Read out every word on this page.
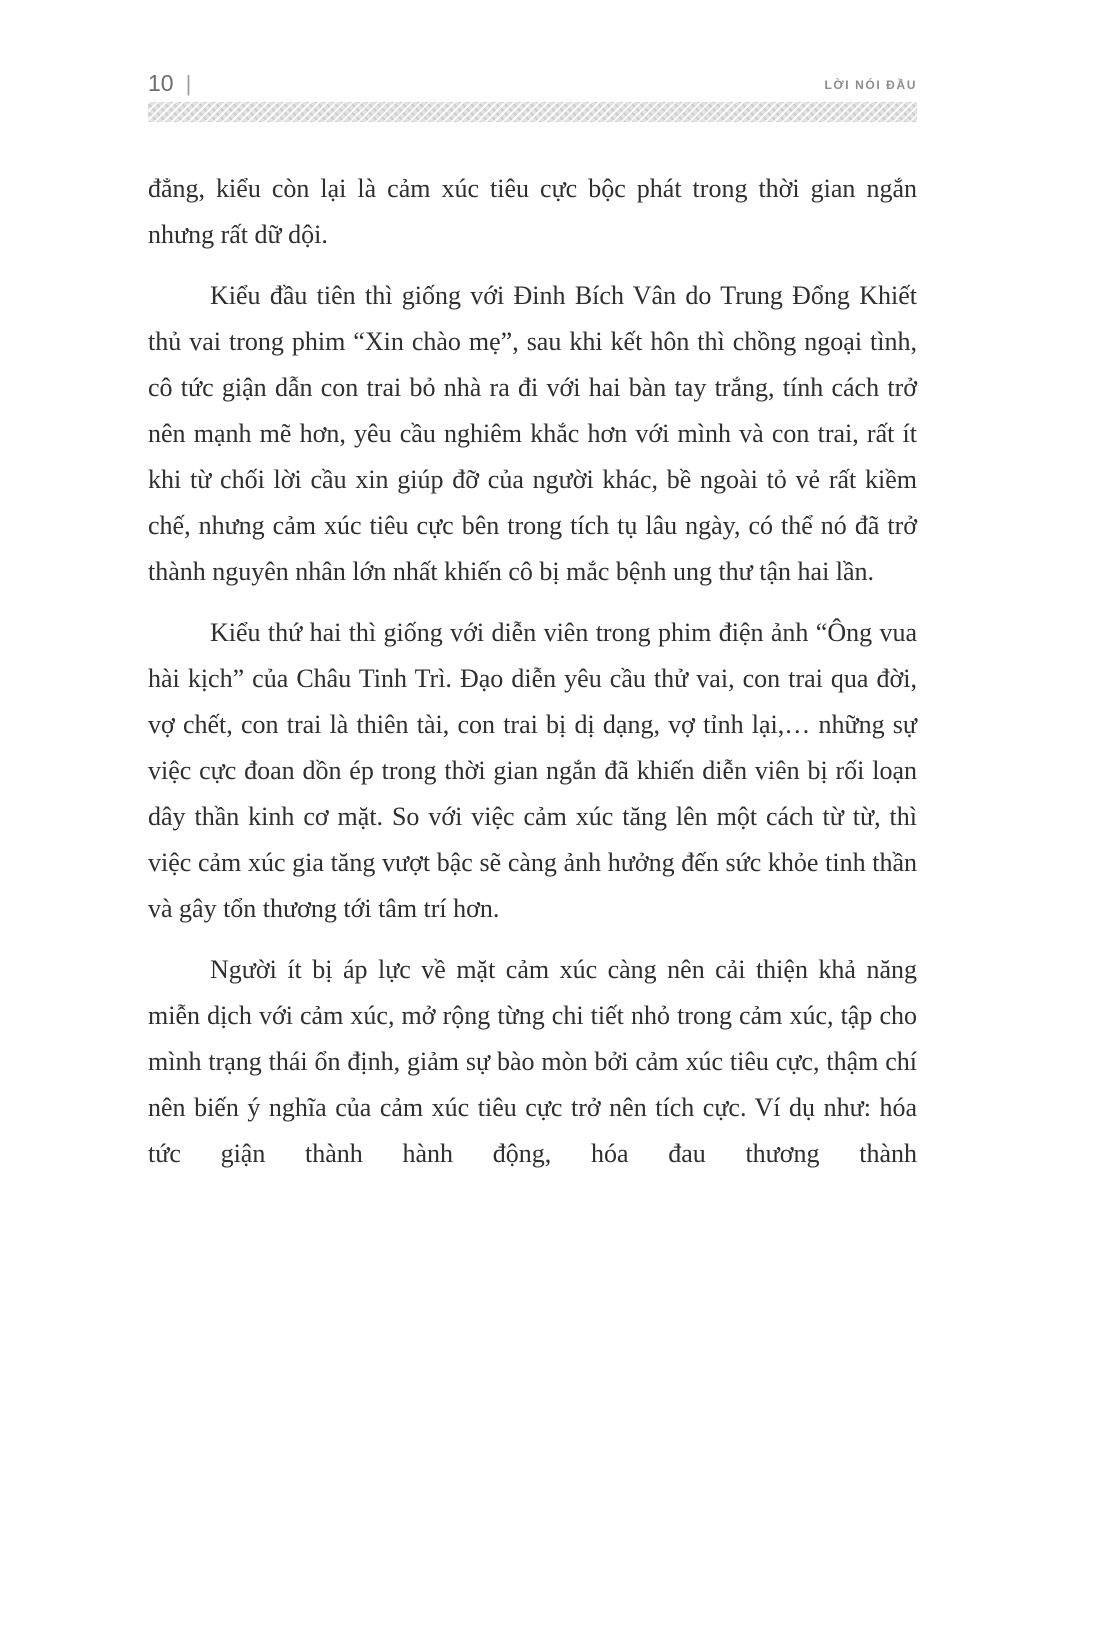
10 |	LỜI NÓI ĐẦU

đẳng, kiểu còn lại là cảm xúc tiêu cực bộc phát trong thời gian ngắn nhưng rất dữ dội.

Kiểu đầu tiên thì giống với Đinh Bích Vân do Trung Đổng Khiết thủ vai trong phim “Xin chào mẹ”, sau khi kết hôn thì chồng ngoại tình, cô tức giận dẫn con trai bỏ nhà ra đi với hai bàn tay trắng, tính cách trở nên mạnh mẽ hơn, yêu cầu nghiêm khắc hơn với mình và con trai, rất ít khi từ chối lời cầu xin giúp đỡ của người khác, bề ngoài tỏ vẻ rất kiềm chế, nhưng cảm xúc tiêu cực bên trong tích tụ lâu ngày, có thể nó đã trở thành nguyên nhân lớn nhất khiến cô bị mắc bệnh ung thư tận hai lần.

Kiểu thứ hai thì giống với diễn viên trong phim điện ảnh “Ông vua hài kịch” của Châu Tinh Trì. Đạo diễn yêu cầu thử vai, con trai qua đời, vợ chết, con trai là thiên tài, con trai bị dị dạng, vợ tỉnh lại,… những sự việc cực đoan dồn ép trong thời gian ngắn đã khiến diễn viên bị rối loạn dây thần kinh cơ mặt. So với việc cảm xúc tăng lên một cách từ từ, thì việc cảm xúc gia tăng vượt bậc sẽ càng ảnh hưởng đến sức khỏe tinh thần và gây tổn thương tới tâm trí hơn.

Người ít bị áp lực về mặt cảm xúc càng nên cải thiện khả năng miễn dịch với cảm xúc, mở rộng từng chi tiết nhỏ trong cảm xúc, tập cho mình trạng thái ổn định, giảm sự bào mòn bởi cảm xúc tiêu cực, thậm chí nên biến ý nghĩa của cảm xúc tiêu cực trở nên tích cực. Ví dụ như: hóa tức giận thành hành động, hóa đau thương thành
